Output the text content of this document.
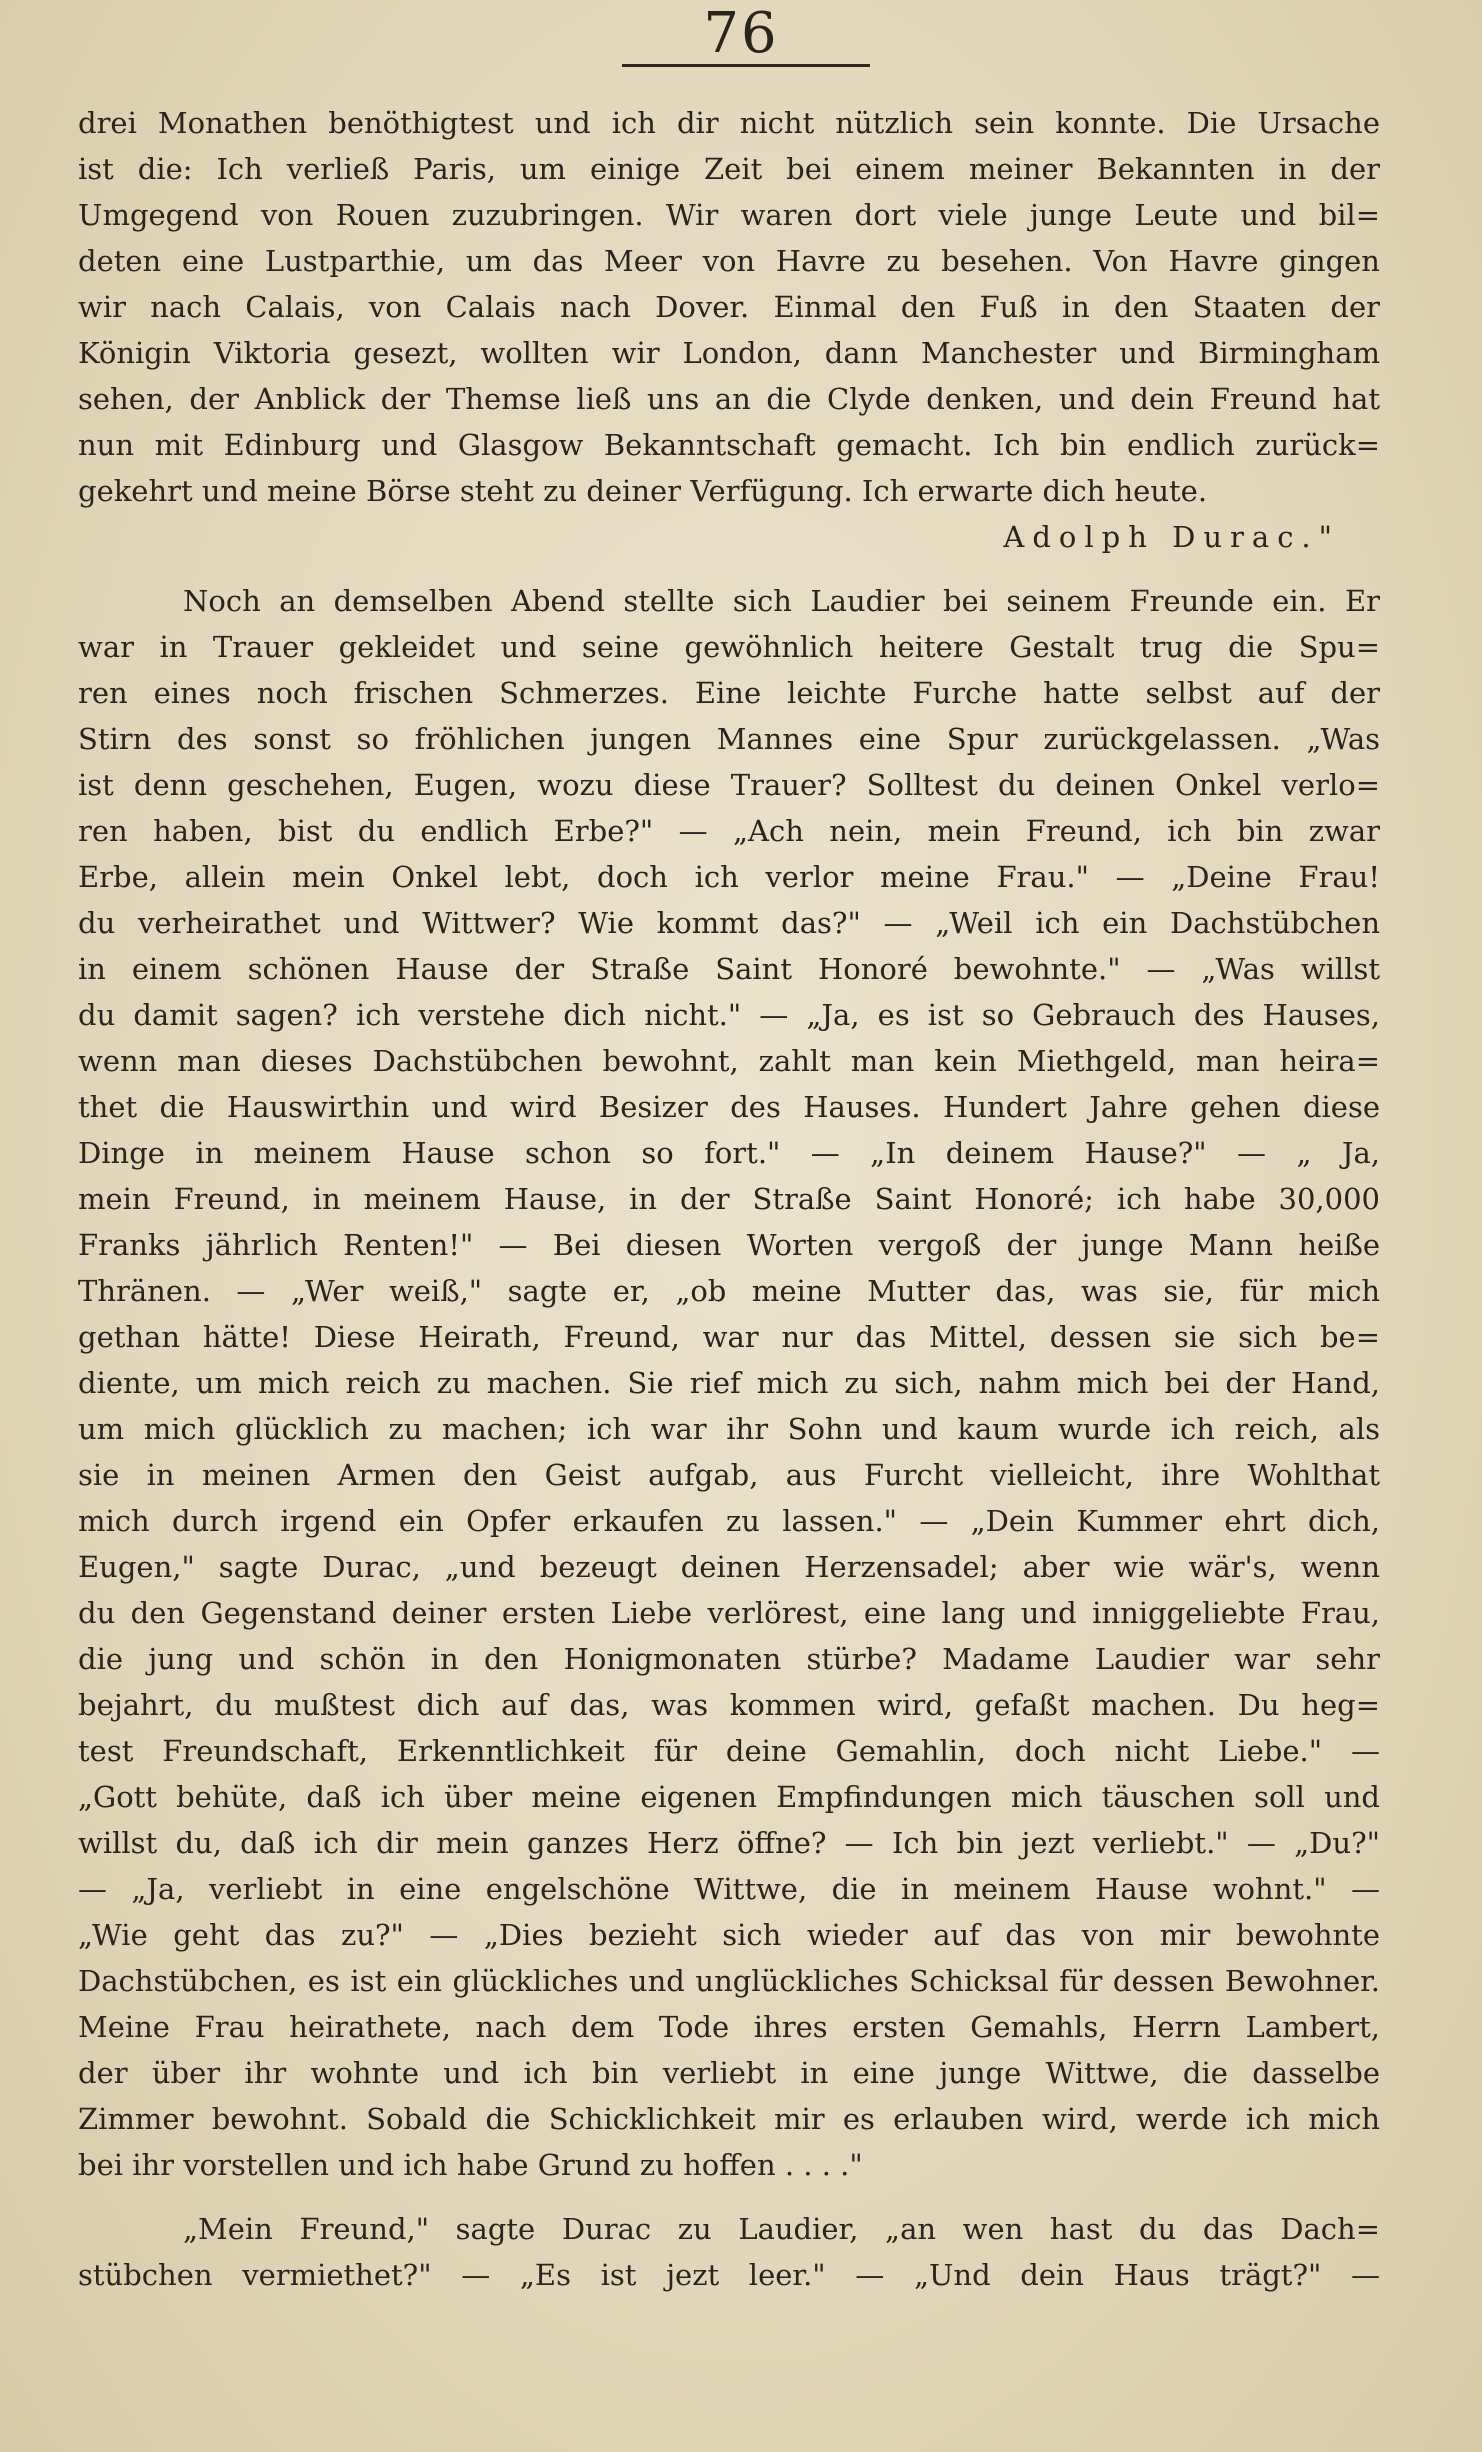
76
drei Monathen benöthigtest und ich dir nicht nützlich sein konnte. Die Ursache
ist die: Ich verließ Paris, um einige Zeit bei einem meiner Bekannten in der
Umgegend von Rouen zuzubringen. Wir waren dort viele junge Leute und bil=
deten eine Lustparthie, um das Meer von Havre zu besehen. Von Havre gingen
wir nach Calais, von Calais nach Dover. Einmal den Fuß in den Staaten der
Königin Viktoria gesezt, wollten wir London, dann Manchester und Birmingham
sehen, der Anblick der Themse ließ uns an die Clyde denken, und dein Freund hat
nun mit Edinburg und Glasgow Bekanntschaft gemacht. Ich bin endlich zurück=
gekehrt und meine Börse steht zu deiner Verfügung. Ich erwarte dich heute.
Adolph Durac."
Noch an demselben Abend stellte sich Laudier bei seinem Freunde ein. Er
war in Trauer gekleidet und seine gewöhnlich heitere Gestalt trug die Spu=
ren eines noch frischen Schmerzes. Eine leichte Furche hatte selbst auf der
Stirn des sonst so fröhlichen jungen Mannes eine Spur zurückgelassen. „Was
ist denn geschehen, Eugen, wozu diese Trauer? Solltest du deinen Onkel verlo=
ren haben, bist du endlich Erbe?" — „Ach nein, mein Freund, ich bin zwar
Erbe, allein mein Onkel lebt, doch ich verlor meine Frau." — „Deine Frau!
du verheirathet und Wittwer? Wie kommt das?" — „Weil ich ein Dachstübchen
in einem schönen Hause der Straße Saint Honoré bewohnte." — „Was willst
du damit sagen? ich verstehe dich nicht." — „Ja, es ist so Gebrauch des Hauses,
wenn man dieses Dachstübchen bewohnt, zahlt man kein Miethgeld, man heira=
thet die Hauswirthin und wird Besizer des Hauses. Hundert Jahre gehen diese
Dinge in meinem Hause schon so fort." — „In deinem Hause?" — „ Ja,
mein Freund, in meinem Hause, in der Straße Saint Honoré; ich habe 30,000
Franks jährlich Renten!" — Bei diesen Worten vergoß der junge Mann heiße
Thränen. — „Wer weiß," sagte er, „ob meine Mutter das, was sie, für mich
gethan hätte! Diese Heirath, Freund, war nur das Mittel, dessen sie sich be=
diente, um mich reich zu machen. Sie rief mich zu sich, nahm mich bei der Hand,
um mich glücklich zu machen; ich war ihr Sohn und kaum wurde ich reich, als
sie in meinen Armen den Geist aufgab, aus Furcht vielleicht, ihre Wohlthat
mich durch irgend ein Opfer erkaufen zu lassen." — „Dein Kummer ehrt dich,
Eugen," sagte Durac, „und bezeugt deinen Herzensadel; aber wie wär's, wenn
du den Gegenstand deiner ersten Liebe verlörest, eine lang und inniggeliebte Frau,
die jung und schön in den Honigmonaten stürbe? Madame Laudier war sehr
bejahrt, du mußtest dich auf das, was kommen wird, gefaßt machen. Du heg=
test Freundschaft, Erkenntlichkeit für deine Gemahlin, doch nicht Liebe." —
„Gott behüte, daß ich über meine eigenen Empfindungen mich täuschen soll und
willst du, daß ich dir mein ganzes Herz öffne? — Ich bin jezt verliebt." — „Du?"
— „Ja, verliebt in eine engelschöne Wittwe, die in meinem Hause wohnt." —
„Wie geht das zu?" — „Dies bezieht sich wieder auf das von mir bewohnte
Dachstübchen, es ist ein glückliches und unglückliches Schicksal für dessen Bewohner.
Meine Frau heirathete, nach dem Tode ihres ersten Gemahls, Herrn Lambert,
der über ihr wohnte und ich bin verliebt in eine junge Wittwe, die dasselbe
Zimmer bewohnt. Sobald die Schicklichkeit mir es erlauben wird, werde ich mich
bei ihr vorstellen und ich habe Grund zu hoffen . . . ."
„Mein Freund," sagte Durac zu Laudier, „an wen hast du das Dach=
stübchen vermiethet?" — „Es ist jezt leer." — „Und dein Haus trägt?" —
